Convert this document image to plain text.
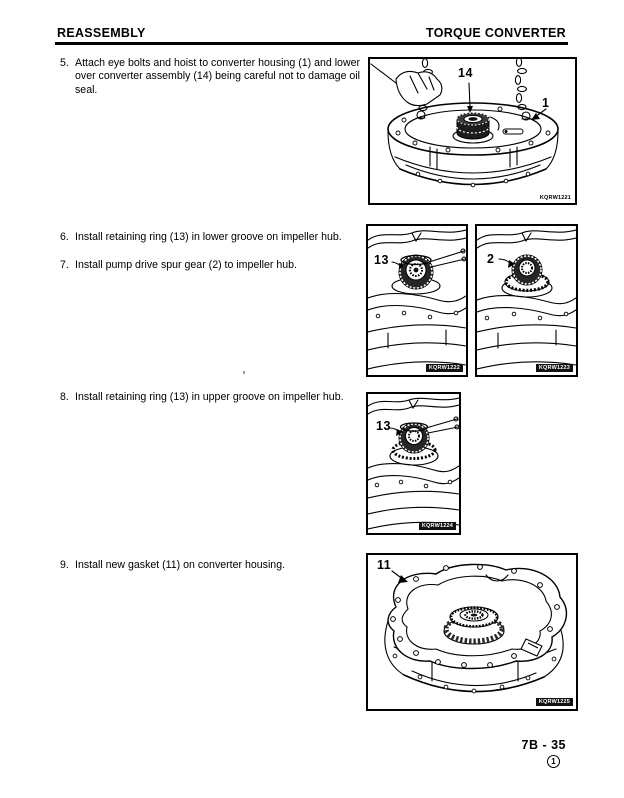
REASSEMBLY	TORQUE CONVERTER
5. Attach eye bolts and hoist to converter housing (1) and lower over converter assembly (14) being careful not to damage oil seal.
6. Install retaining ring (13) in lower groove on impeller hub.
7. Install pump drive spur gear (2) to impeller hub.
8. Install retaining ring (13) in upper groove on impeller hub.
9. Install new gasket (11) on converter housing.
14
1
KQRW1221
13
KQRW1222
2
KQRW1223
13
KQRW1224
11
KQRW1225
7B - 35
1
